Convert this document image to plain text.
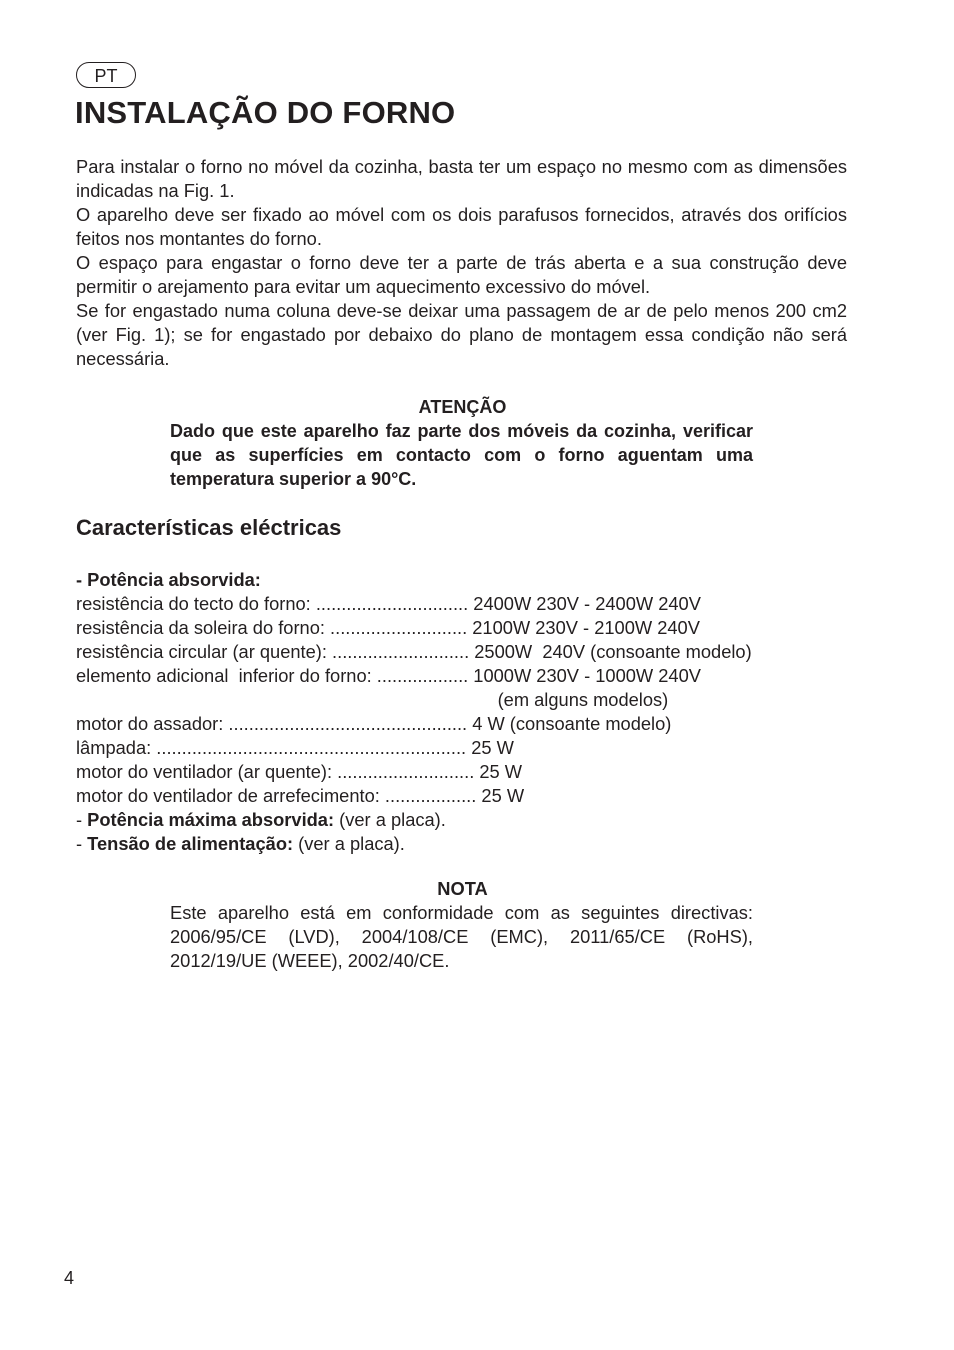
PT
INSTALAÇÃO DO FORNO

Para instalar o forno no móvel da cozinha, basta ter um espaço no mesmo com as dimensões indicadas na Fig. 1.

O aparelho deve ser fixado ao móvel com os dois parafusos fornecidos, através dos orifícios feitos nos montantes do forno.

O espaço para engastar o forno deve ter a parte de trás aberta e a sua construção deve permitir o arejamento para evitar um aquecimento excessivo do móvel.

Se for engastado numa coluna deve-se deixar uma passagem de ar de pelo menos 200 cm2 (ver Fig. 1); se for engastado por debaixo do plano de montagem essa condição não será necessária.

ATENÇÃO
Dado que este aparelho faz parte dos móveis da cozinha, verificar que as superfícies em contacto com o forno aguentam uma temperatura superior a 90°C.
Características eléctricas
- Potência absorvida:
resistência do tecto do forno: .............................. 2400W 230V - 2400W 240V
resistência da soleira do forno: ........................... 2100W 230V - 2100W 240V
resistência circular (ar quente): ........................... 2500W  240V (consoante modelo)
elemento adicional  inferior do forno: .................. 1000W 230V - 1000W 240V
(em alguns modelos)
motor do assador: ............................................... 4 W (consoante modelo)
lâmpada: ............................................................. 25 W
motor do ventilador (ar quente): ........................... 25 W
motor do ventilador de arrefecimento: .................. 25 W
- Potência máxima absorvida: (ver a placa).
- Tensão de alimentação: (ver a placa).
NOTA
Este aparelho está em conformidade com as seguintes directivas: 2006/95/CE (LVD), 2004/108/CE (EMC), 2011/65/CE (RoHS), 2012/19/UE (WEEE), 2002/40/CE.
4
